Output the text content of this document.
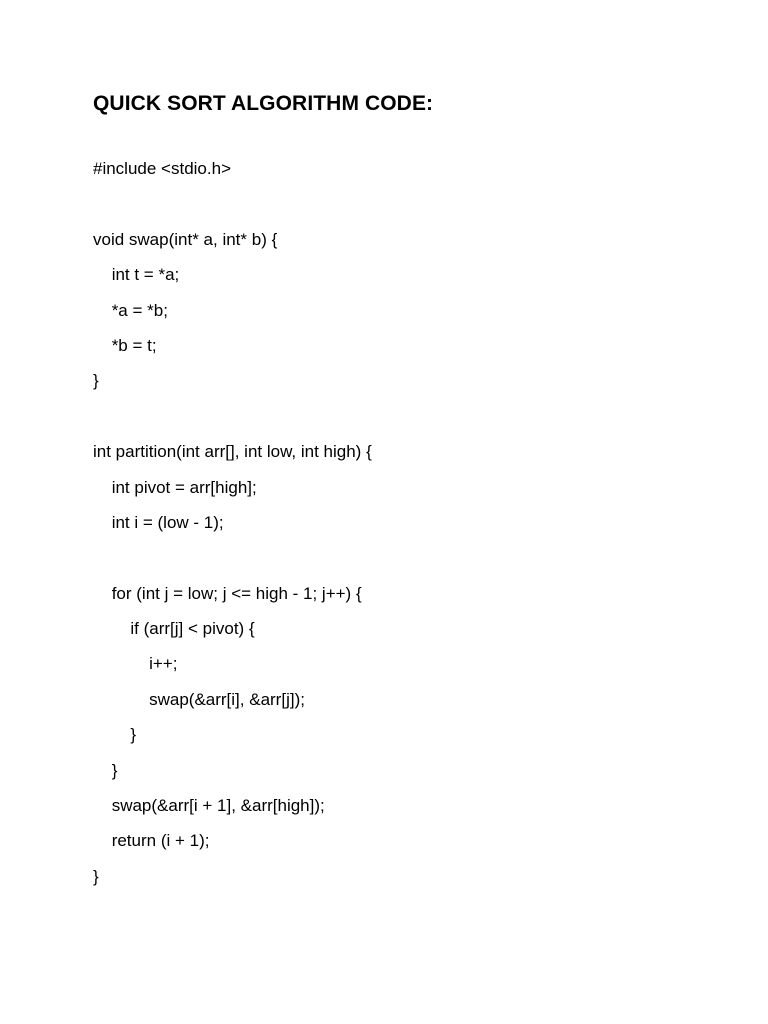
QUICK SORT ALGORITHM CODE:
#include <stdio.h>
void swap(int* a, int* b) {
int t = *a;
*a = *b;
*b = t;
}
int partition(int arr[], int low, int high) {
int pivot = arr[high];
int i = (low - 1);
for (int j = low; j <= high - 1; j++) {
if (arr[j] < pivot) {
i++;
swap(&arr[i], &arr[j]);
}
}
swap(&arr[i + 1], &arr[high]);
return (i + 1);
}
